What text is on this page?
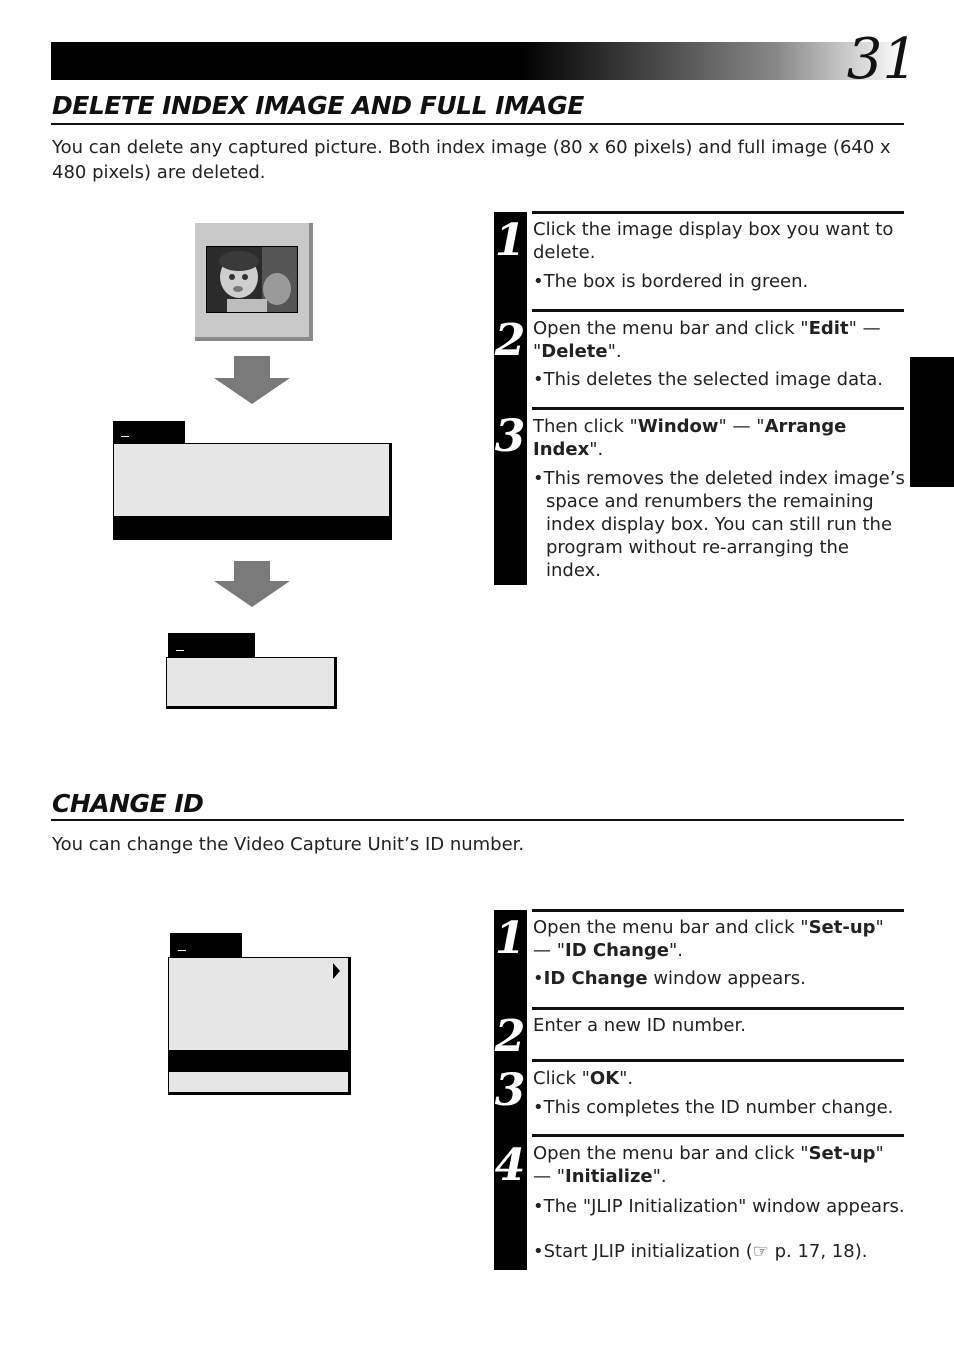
31
DELETE INDEX IMAGE AND FULL IMAGE
You can delete any captured picture. Both index image (80 x 60 pixels) and full image (640 x 480 pixels) are deleted.
1
2
3
Click the image display box you want to delete.
•The box is bordered in green.
Open the menu bar and click "Edit" — "Delete".
•This deletes the selected image data.
Then click "Window" — "Arrange Index".
•This removes the deleted index image’s space and renumbers the remaining index display box. You can still run the program without re-arranging the index.
CHANGE ID
You can change the Video Capture Unit’s ID number.
1
2
3
4
Open the menu bar and click "Set-up" — "ID Change".
•ID Change window appears.
Enter a new ID number.
Click "OK".
•This completes the ID number change.
Open the menu bar and click "Set-up" — "Initialize".
•The "JLIP Initialization" window appears.
•Start JLIP initialization (☞ p. 17, 18).
